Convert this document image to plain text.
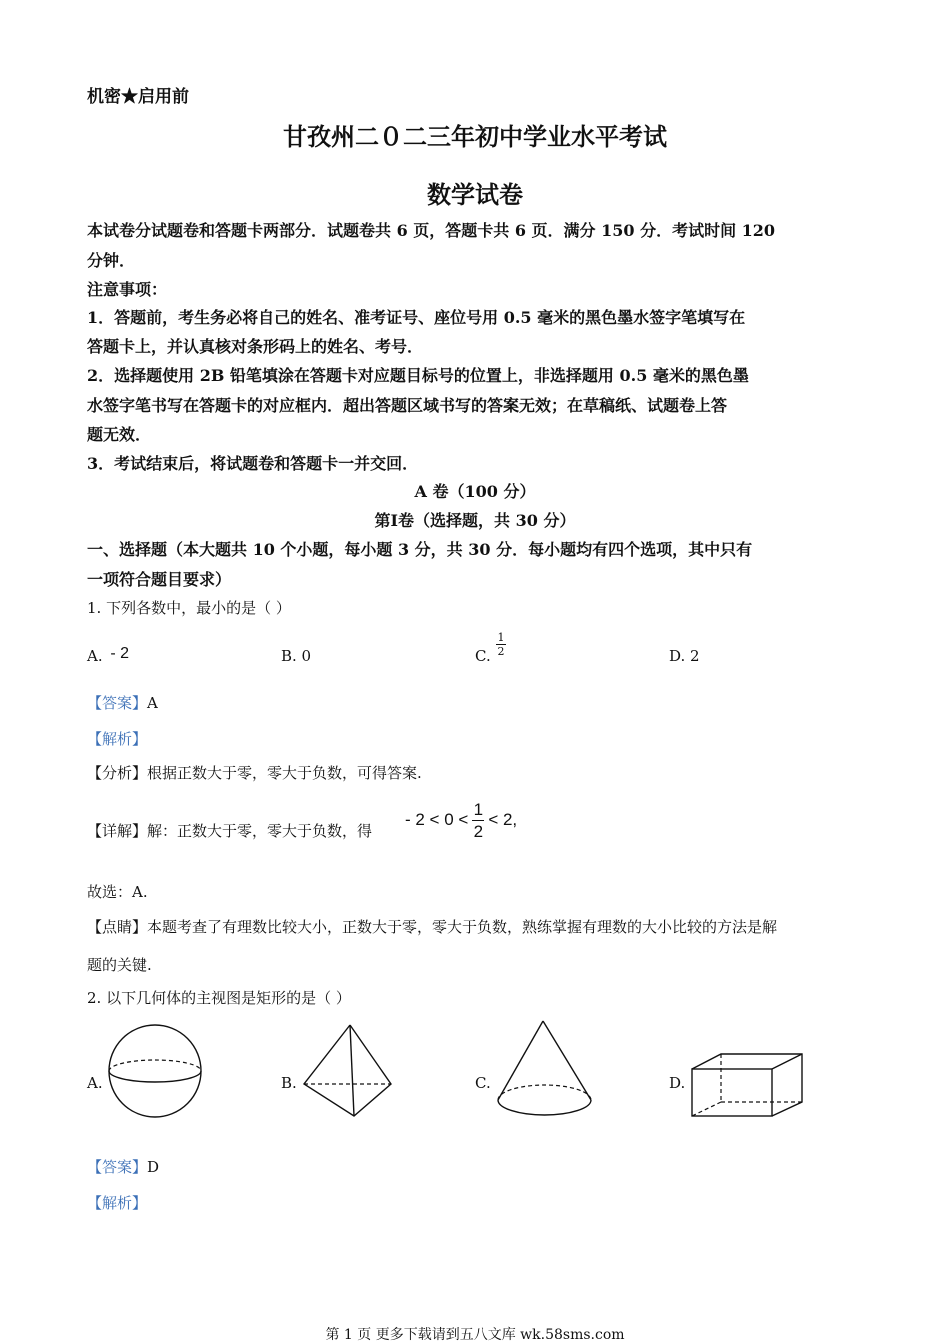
机密★启用前
甘孜州二０二三年初中学业水平考试
数学试卷
本试卷分试题卷和答题卡两部分．试题卷共 6 页，答题卡共 6 页．满分 150 分．考试时间 120
分钟．
注意事项：
1．答题前，考生务必将自己的姓名、准考证号、座位号用 0.5 毫米的黑色墨水签字笔填写在
答题卡上，并认真核对条形码上的姓名、考号．
2．选择题使用 2B 铅笔填涂在答题卡对应题目标号的位置上，非选择题用 0.5 毫米的黑色墨
水签字笔书写在答题卡的对应框内．超出答题区域书写的答案无效；在草稿纸、试题卷上答
题无效．
3．考试结束后，将试题卷和答题卡一并交回．
A 卷（100 分）
第Ⅰ卷（选择题，共 30 分）
一、选择题（本大题共 10 个小题，每小题 3 分，共 30 分．每小题均有四个选项，其中只有
一项符合题目要求）
1. 下列各数中，最小的是（ ）
A. - 2	B. 0	C.
1
2	D. 2
【答案】A
【解析】
【分析】根据正数大于零，零大于负数，可得答案.
【详解】解：正数大于零，零大于负数，得
- $2 < 0 < \frac{1}{2} < 2$,
故选：A.
【点睛】本题考查了有理数比较大小，正数大于零，零大于负数，熟练掌握有理数的大小比较的方法是解
题的关键.
2. 以下几何体的主视图是矩形的是（ ）
A.	B.	C.	D.
【答案】D
【解析】
第 1 页 更多下载请到五八文库 wk.58sms.com
